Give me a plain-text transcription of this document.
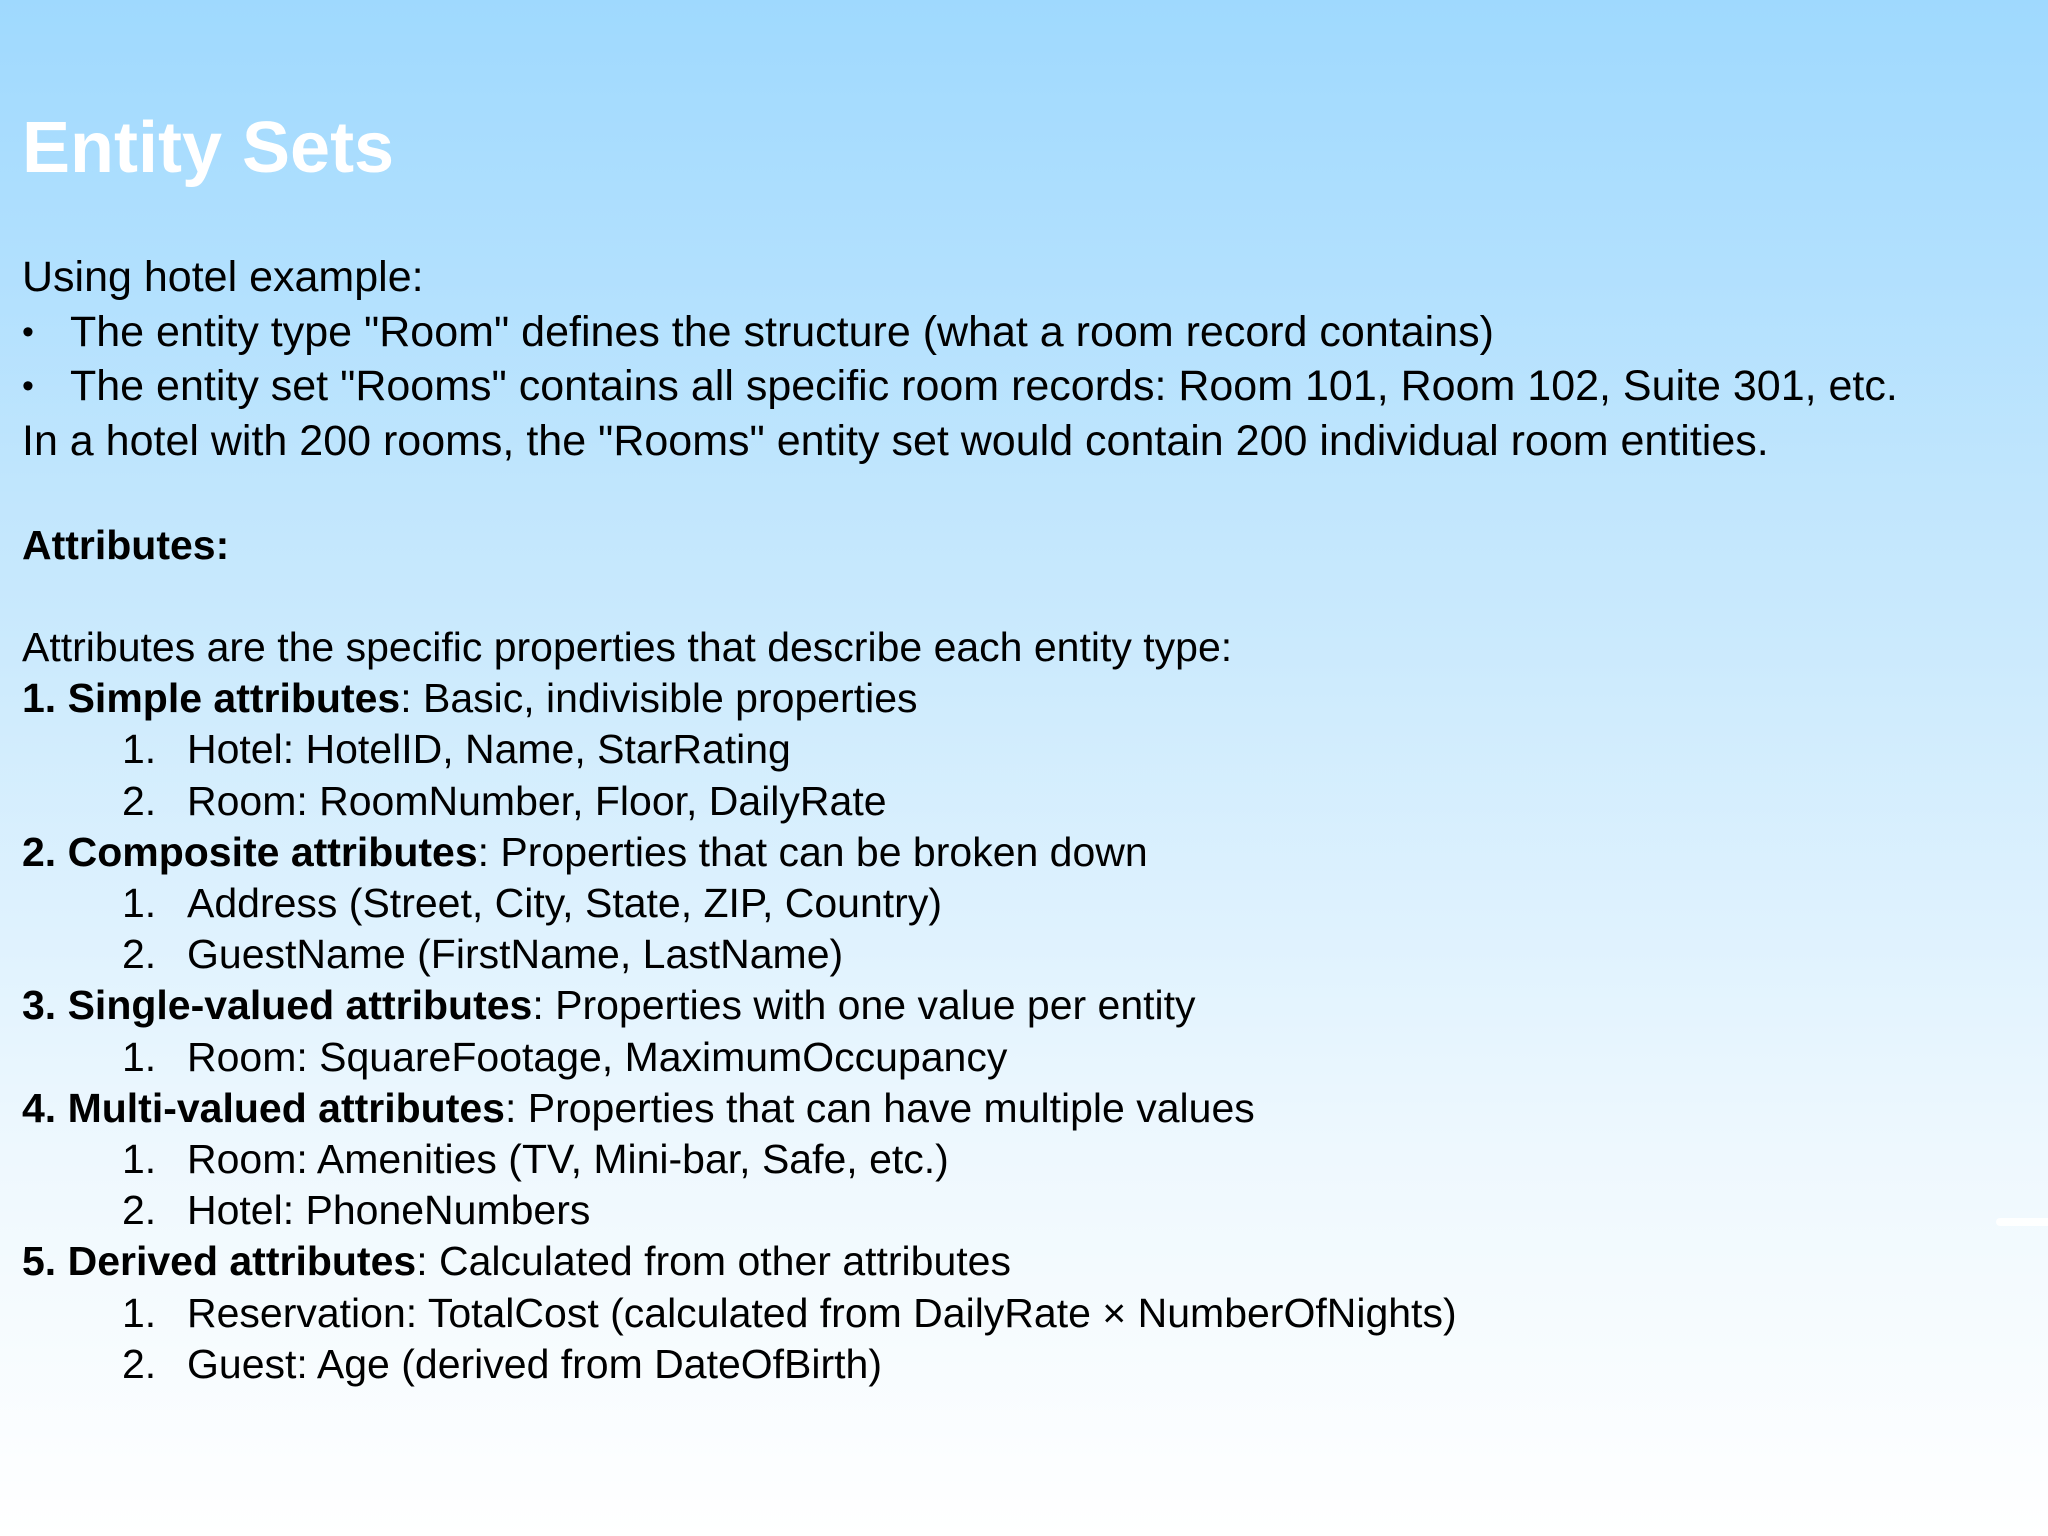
Entity Sets
Using hotel example:
• The entity type "Room" defines the structure (what a room record contains)
• The entity set "Rooms" contains all specific room records: Room 101, Room 102, Suite 301, etc.
In a hotel with 200 rooms, the "Rooms" entity set would contain 200 individual room entities.
Attributes:
Attributes are the specific properties that describe each entity type:
1. Simple attributes: Basic, indivisible properties
1. Hotel: HotelID, Name, StarRating
2. Room: RoomNumber, Floor, DailyRate
2. Composite attributes: Properties that can be broken down
1. Address (Street, City, State, ZIP, Country)
2. GuestName (FirstName, LastName)
3. Single-valued attributes: Properties with one value per entity
1. Room: SquareFootage, MaximumOccupancy
4. Multi-valued attributes: Properties that can have multiple values
1. Room: Amenities (TV, Mini-bar, Safe, etc.)
2. Hotel: PhoneNumbers
5. Derived attributes: Calculated from other attributes
1. Reservation: TotalCost (calculated from DailyRate × NumberOfNights)
2. Guest: Age (derived from DateOfBirth)
